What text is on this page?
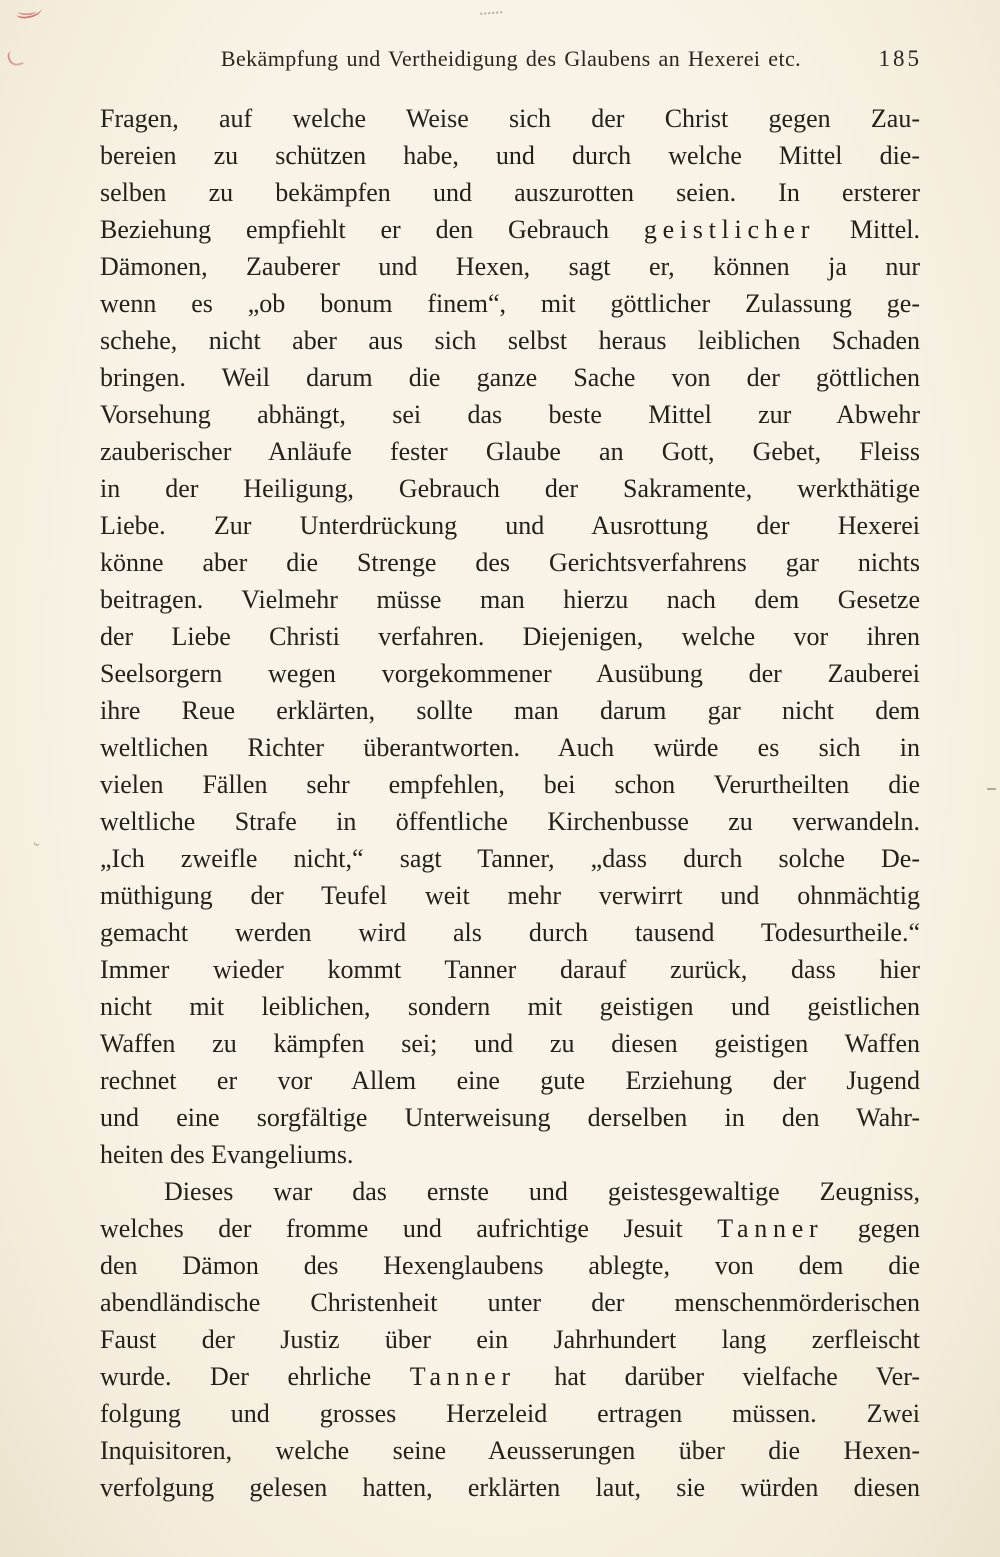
Bekämpfung und Vertheidigung des Glaubens an Hexerei etc.	185
Fragen, auf welche Weise sich der Christ gegen Zau-
bereien zu schützen habe, und durch welche Mittel die-
selben zu bekämpfen und auszurotten seien. In ersterer
Beziehung empfiehlt er den Gebrauch geistlicher Mittel.
Dämonen, Zauberer und Hexen, sagt er, können ja nur
wenn es „ob bonum finem“, mit göttlicher Zulassung ge-
schehe, nicht aber aus sich selbst heraus leiblichen Schaden
bringen. Weil darum die ganze Sache von der göttlichen
Vorsehung abhängt, sei das beste Mittel zur Abwehr
zauberischer Anläufe fester Glaube an Gott, Gebet, Fleiss
in der Heiligung, Gebrauch der Sakramente, werkthätige
Liebe. Zur Unterdrückung und Ausrottung der Hexerei
könne aber die Strenge des Gerichtsverfahrens gar nichts
beitragen. Vielmehr müsse man hierzu nach dem Gesetze
der Liebe Christi verfahren. Diejenigen, welche vor ihren
Seelsorgern wegen vorgekommener Ausübung der Zauberei
ihre Reue erklärten, sollte man darum gar nicht dem
weltlichen Richter überantworten. Auch würde es sich in
vielen Fällen sehr empfehlen, bei schon Verurtheilten die
weltliche Strafe in öffentliche Kirchenbusse zu verwandeln.
„Ich zweifle nicht,“ sagt Tanner, „dass durch solche De-
müthigung der Teufel weit mehr verwirrt und ohnmächtig
gemacht werden wird als durch tausend Todesurtheile.“
Immer wieder kommt Tanner darauf zurück, dass hier
nicht mit leiblichen, sondern mit geistigen und geistlichen
Waffen zu kämpfen sei; und zu diesen geistigen Waffen
rechnet er vor Allem eine gute Erziehung der Jugend
und eine sorgfältige Unterweisung derselben in den Wahr-
heiten des Evangeliums.
Dieses war das ernste und geistesgewaltige Zeugniss,
welches der fromme und aufrichtige Jesuit Tanner gegen
den Dämon des Hexenglaubens ablegte, von dem die
abendländische Christenheit unter der menschenmörderischen
Faust der Justiz über ein Jahrhundert lang zerfleischt
wurde. Der ehrliche Tanner hat darüber vielfache Ver-
folgung und grosses Herzeleid ertragen müssen. Zwei
Inquisitoren, welche seine Aeusserungen über die Hexen-
verfolgung gelesen hatten, erklärten laut, sie würden diesen
